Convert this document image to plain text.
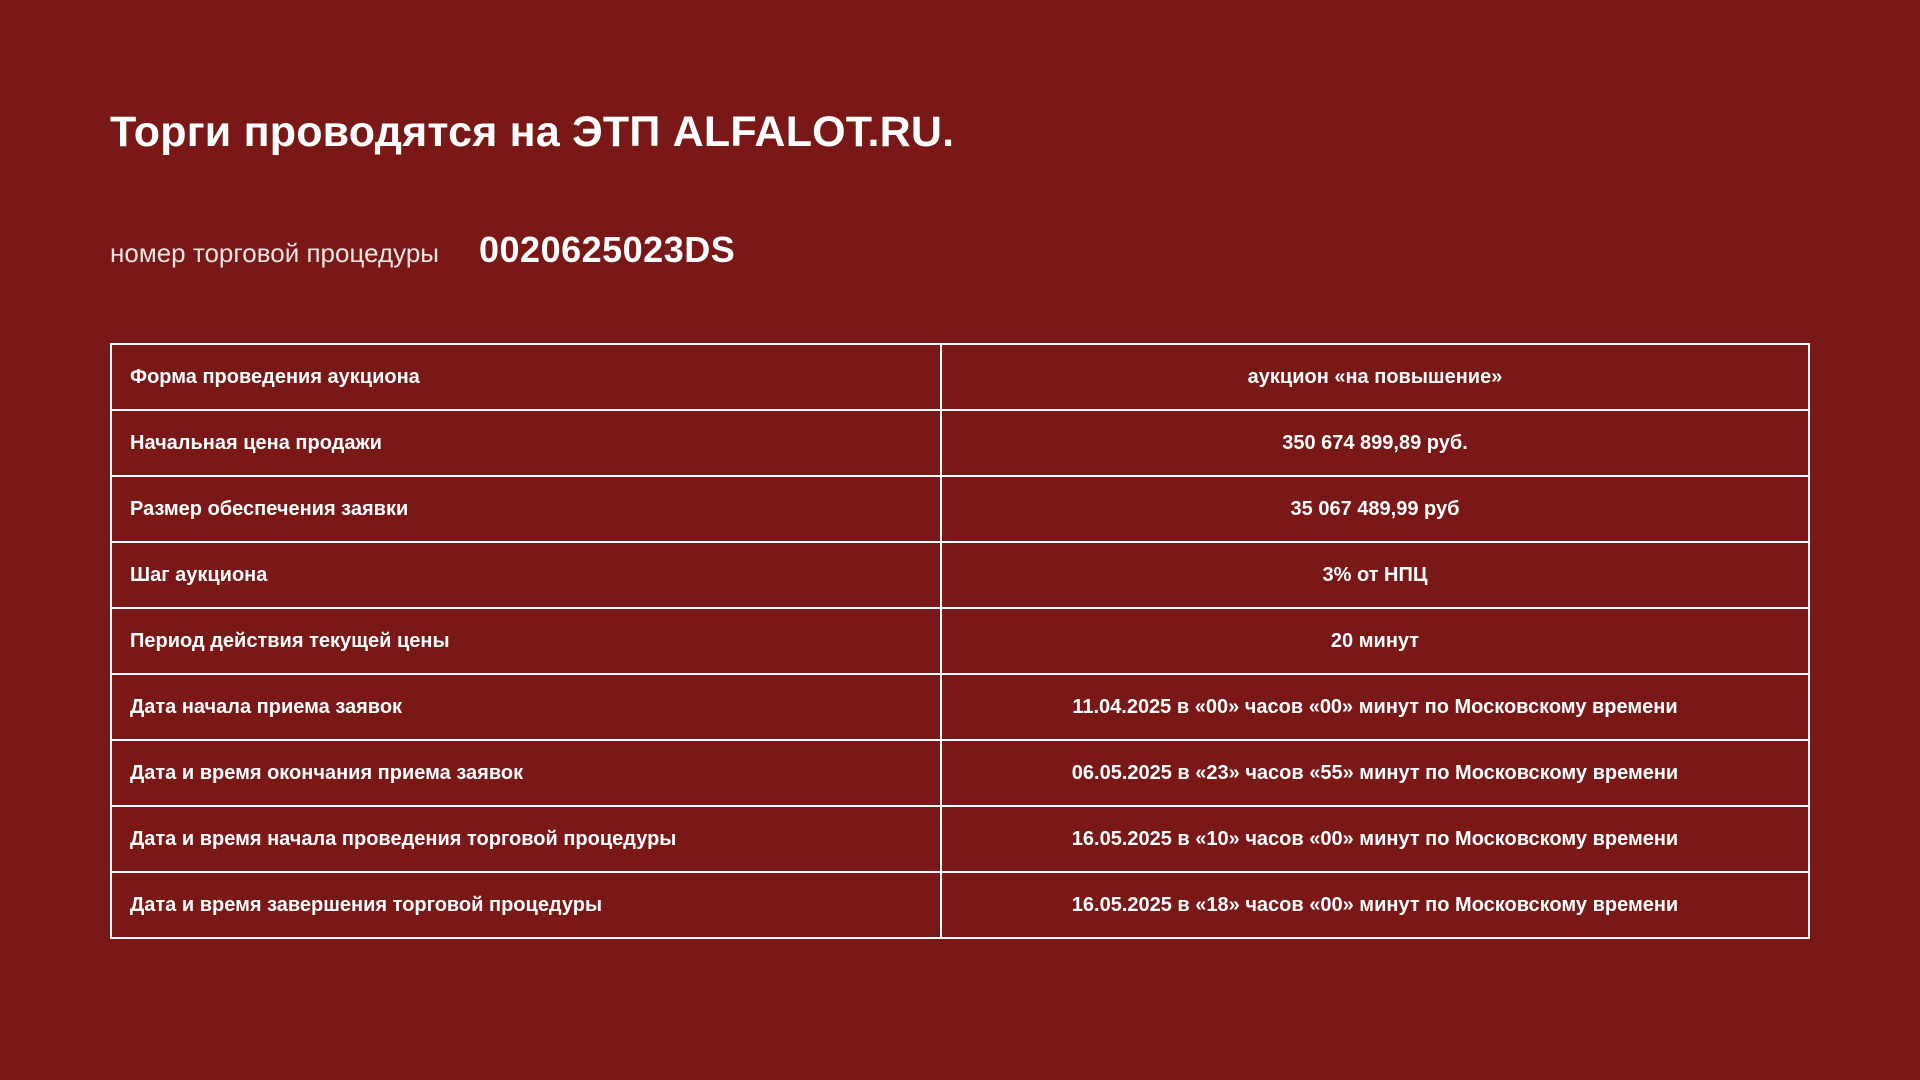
Торги проводятся на ЭТП ALFALOT.RU.
номер торговой процедуры 0020625023DS
Форма проведения аукциона	аукцион «на повышение»
Начальная цена продажи	350 674 899,89 руб.
Размер обеспечения заявки	35 067 489,99 руб
Шаг аукциона	3% от НПЦ
Период действия текущей цены	20 минут
Дата начала приема заявок	11.04.2025 в «00» часов «00» минут по Московскому времени
Дата и время окончания приема заявок	06.05.2025 в «23» часов «55» минут по Московскому времени
Дата и время начала проведения торговой процедуры	16.05.2025 в «10» часов «00» минут по Московскому времени
Дата и время завершения торговой процедуры	16.05.2025 в «18» часов «00» минут по Московскому времени
